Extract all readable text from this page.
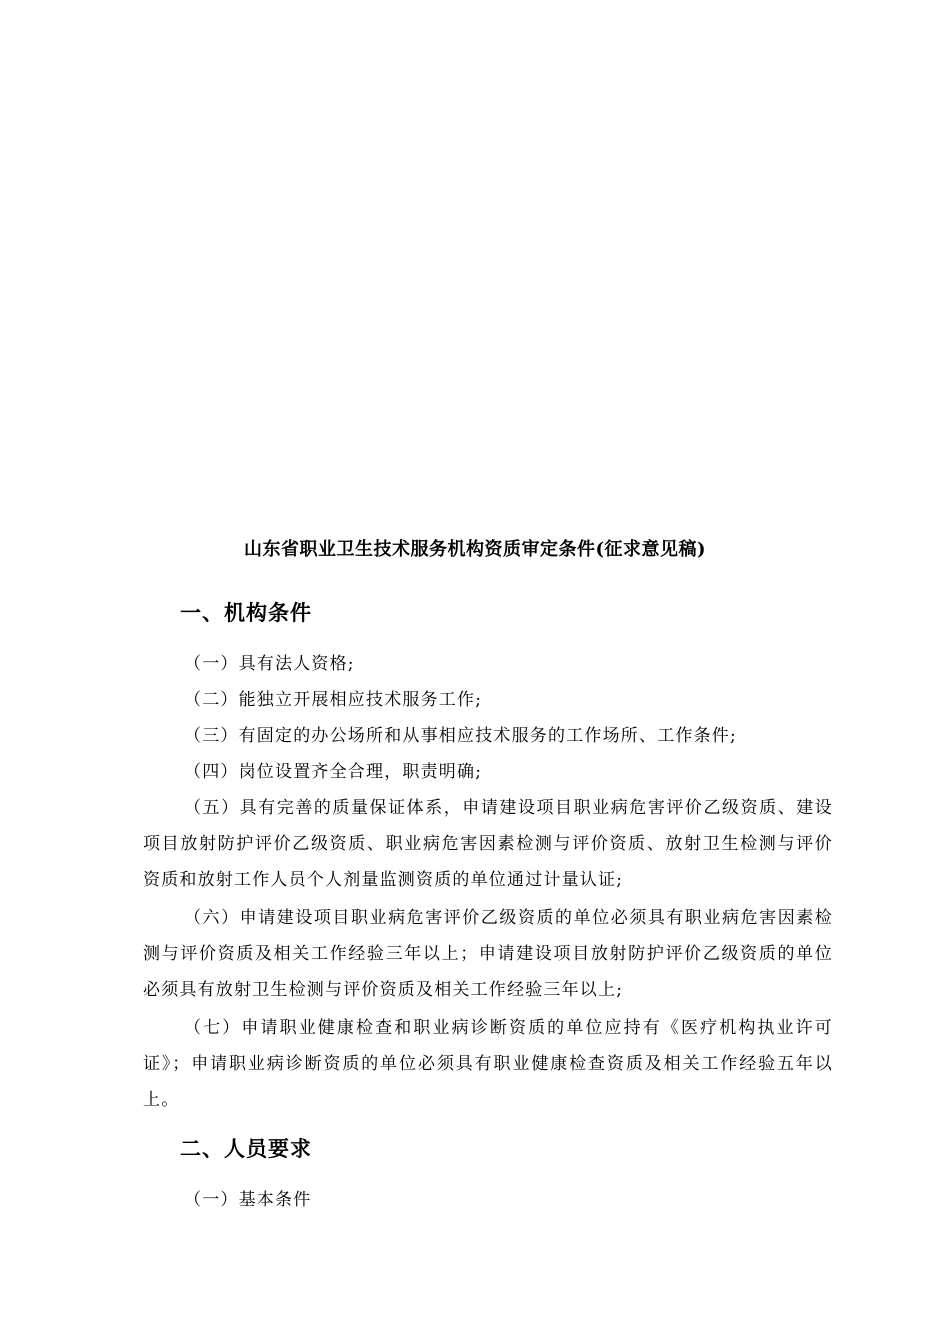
山东省职业卫生技术服务机构资质审定条件(征求意见稿)
一、机构条件
（一）具有法人资格;
（二）能独立开展相应技术服务工作;
（三）有固定的办公场所和从事相应技术服务的工作场所、工作条件;
（四）岗位设置齐全合理，职责明确;
（五）具有完善的质量保证体系，申请建设项目职业病危害评价乙级资质、建设项目放射防护评价乙级资质、职业病危害因素检测与评价资质、放射卫生检测与评价资质和放射工作人员个人剂量监测资质的单位通过计量认证;
（六）申请建设项目职业病危害评价乙级资质的单位必须具有职业病危害因素检测与评价资质及相关工作经验三年以上；申请建设项目放射防护评价乙级资质的单位必须具有放射卫生检测与评价资质及相关工作经验三年以上;
（七）申请职业健康检查和职业病诊断资质的单位应持有《医疗机构执业许可证》；申请职业病诊断资质的单位必须具有职业健康检查资质及相关工作经验五年以上。
二、人员要求
（一）基本条件
